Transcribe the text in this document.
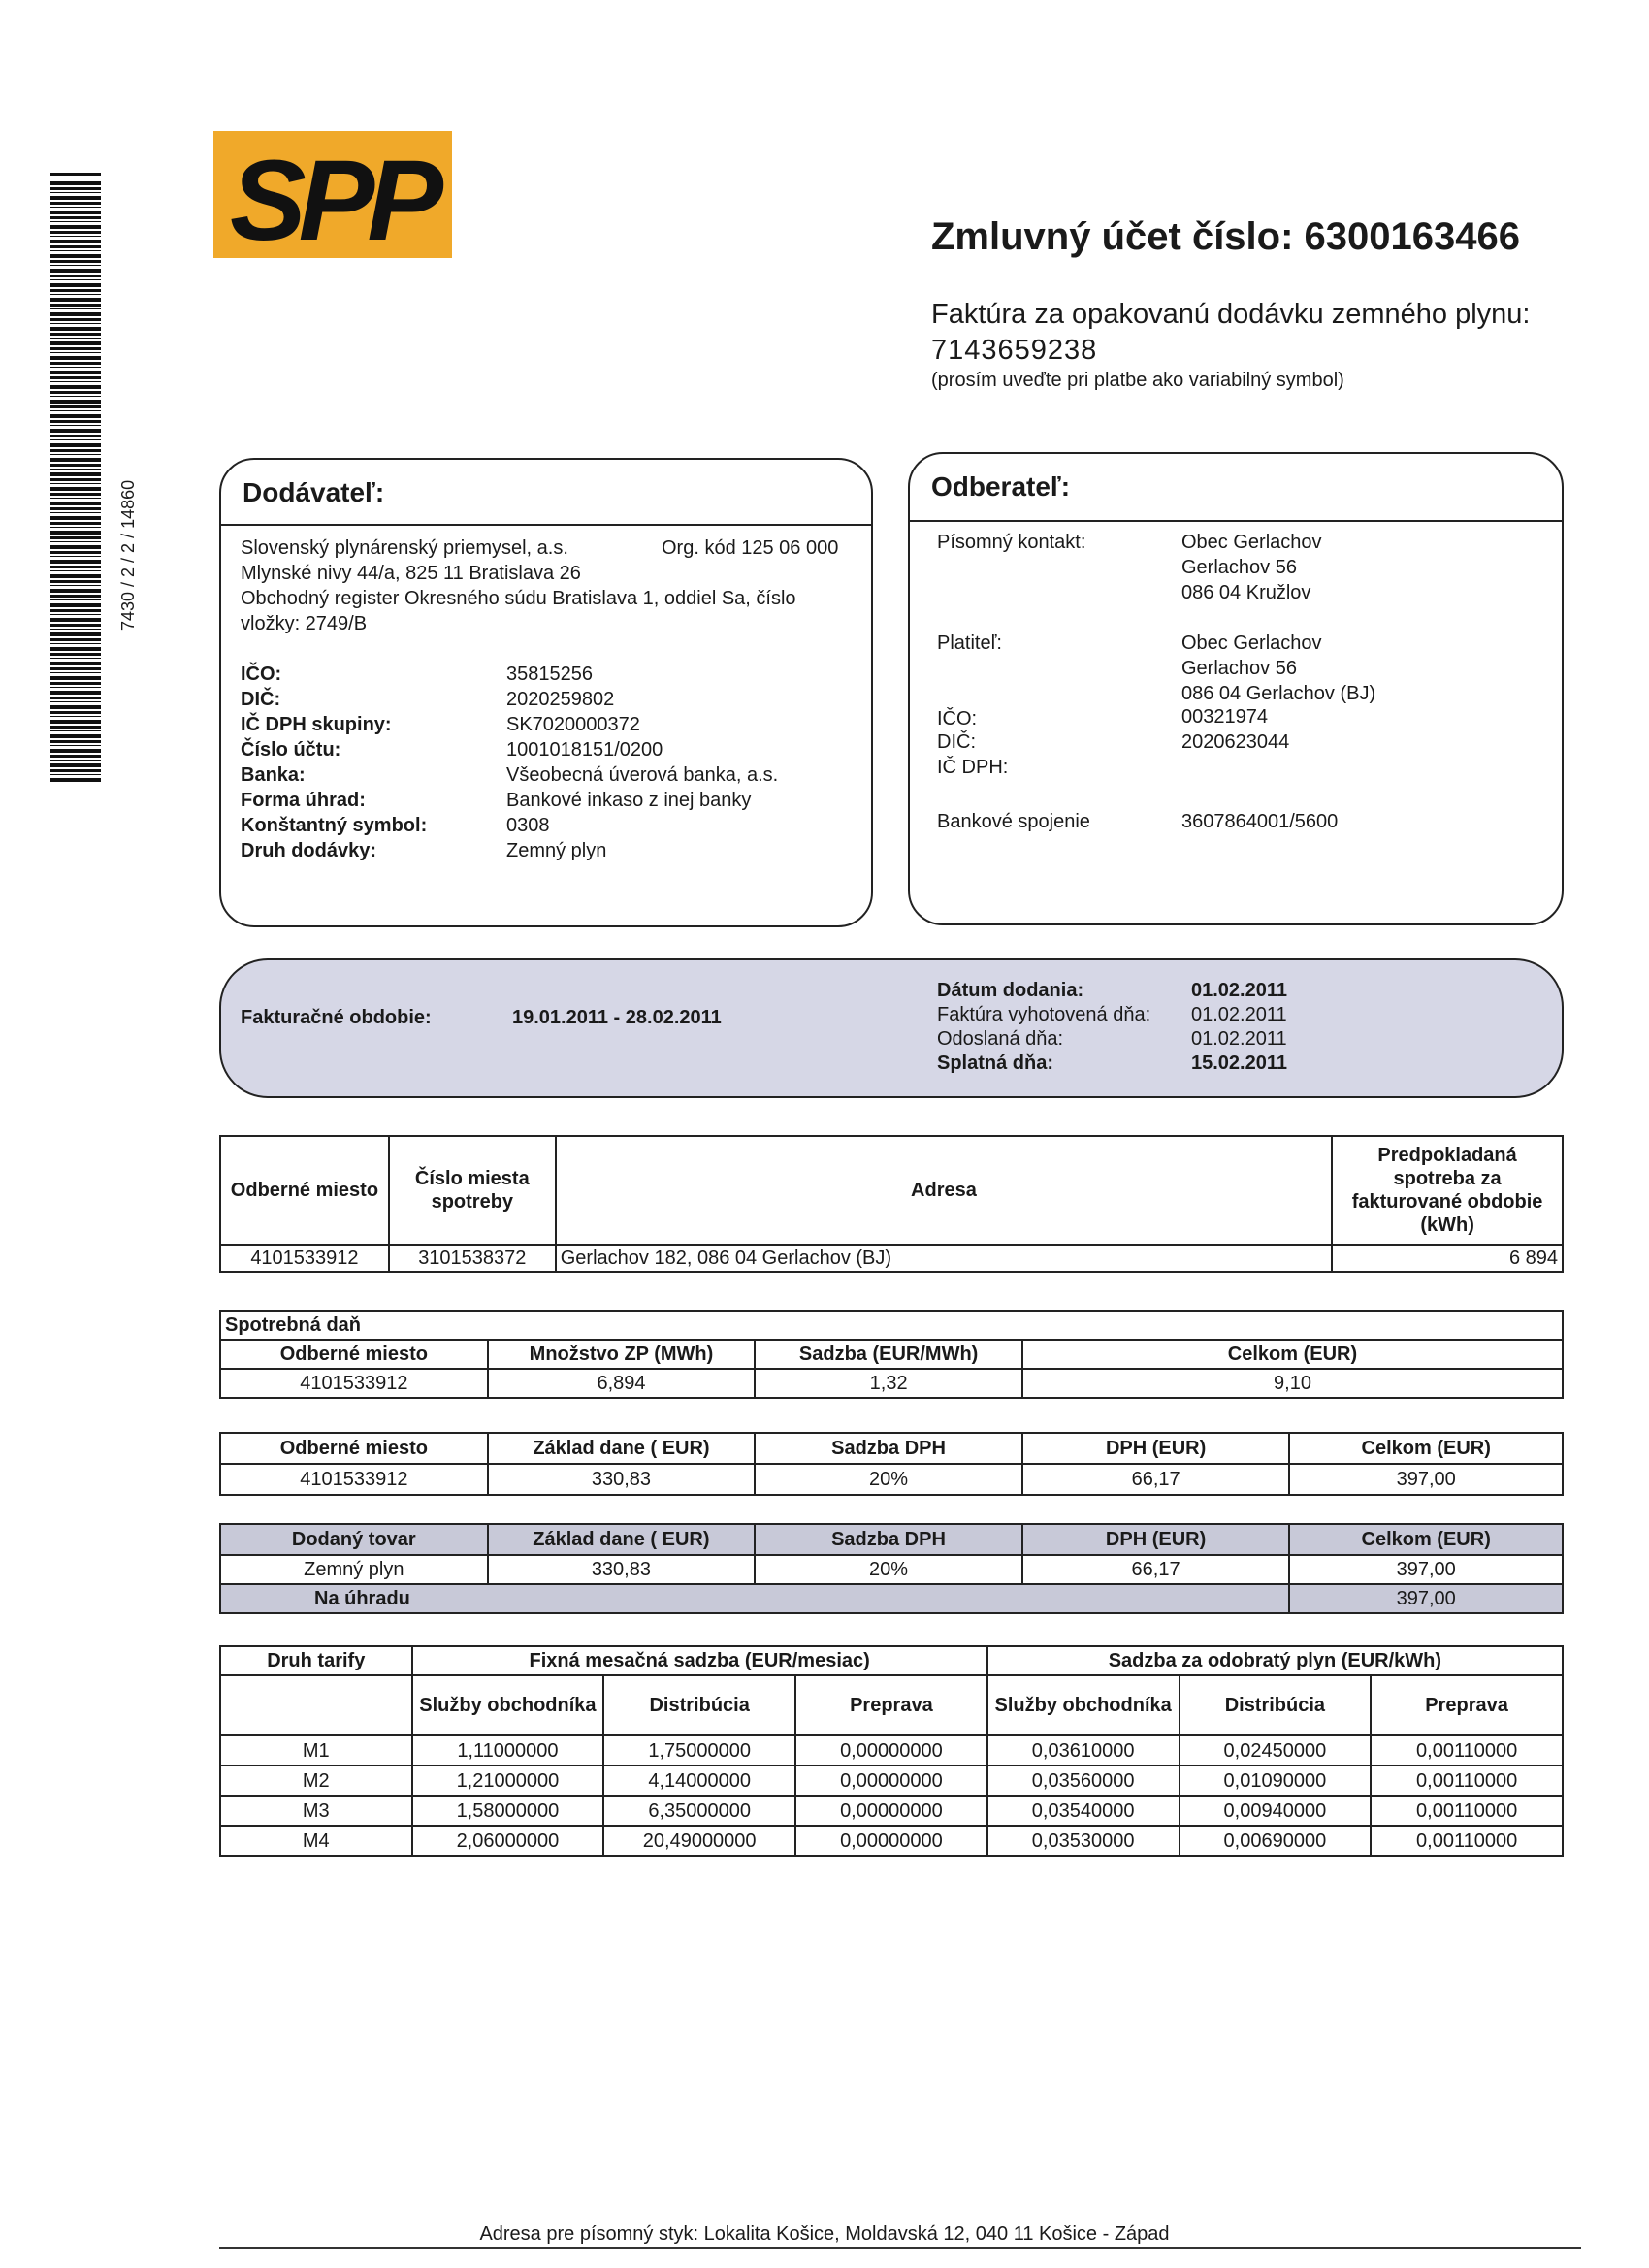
7430 / 2 / 2 / 14860
SPP	Zmluvný účet číslo: 6300163466
Faktúra za opakovanú dodávku zemného plynu:
7143659238
(prosím uveďte pri platbe ako variabilný symbol)
Dodávateľ:
Slovenský plynárenský priemysel, a.s.	Org. kód 125 06 000
Mlynské nivy 44/a, 825 11 Bratislava 26
Obchodný register Okresného súdu Bratislava 1, oddiel Sa, číslo
vložky: 2749/B
IČO:	35815256
DIČ:	2020259802
IČ DPH skupiny:	SK7020000372
Číslo účtu:	1001018151/0200
Banka:	Všeobecná úverová banka, a.s.
Forma úhrad:	Bankové inkaso z inej banky
Konštantný symbol:	0308
Druh dodávky:	Zemný plyn
Odberateľ:
Písomný kontakt:	Obec Gerlachov
Gerlachov 56
086 04 Kružlov
Platiteľ:	Obec Gerlachov
Gerlachov 56
086 04 Gerlachov (BJ)
IČO:	00321974
DIČ:	2020623044
IČ DPH:
Bankové spojenie	3607864001/5600
Fakturačné obdobie:	19.01.2011 - 28.02.2011
Dátum dodania:	01.02.2011
Faktúra vyhotovená dňa: 01.02.2011
Odoslaná dňa:	01.02.2011
Splatná dňa:	15.02.2011
Odberné miesto	Číslo miesta spotreby	Adresa	Predpokladaná spotreba za fakturované obdobie (kWh)
4101533912	3101538372	Gerlachov 182, 086 04 Gerlachov (BJ)	6 894
Spotrebná daň			
Odberné miesto	Množstvo ZP (MWh)	Sadzba (EUR/MWh)	Celkom (EUR)
4101533912	6,894	1,32	9,10
Odberné miesto	Základ dane ( EUR)	Sadzba DPH	DPH (EUR)	Celkom (EUR)
4101533912	330,83	20%	66,17	397,00
Dodaný tovar	Základ dane ( EUR)	Sadzba DPH	DPH (EUR)	Celkom (EUR)
Zemný plyn	330,83	20%	66,17	397,00
Na úhradu				397,00
Druh tarify	Fixná mesačná sadzba (EUR/mesiac)			Sadzba za odobratý plyn (EUR/kWh)		
	Služby obchodníka	Distribúcia	Preprava	Služby obchodníka	Distribúcia	Preprava
M1	1,11000000	1,75000000	0,00000000	0,03610000	0,02450000	0,00110000
M2	1,21000000	4,14000000	0,00000000	0,03560000	0,01090000	0,00110000
M3	1,58000000	6,35000000	0,00000000	0,03540000	0,00940000	0,00110000
M4	2,06000000	20,49000000	0,00000000	0,03530000	0,00690000	0,00110000
Adresa pre písomný styk: Lokalita Košice, Moldavská 12, 040 11 Košice - Západ
